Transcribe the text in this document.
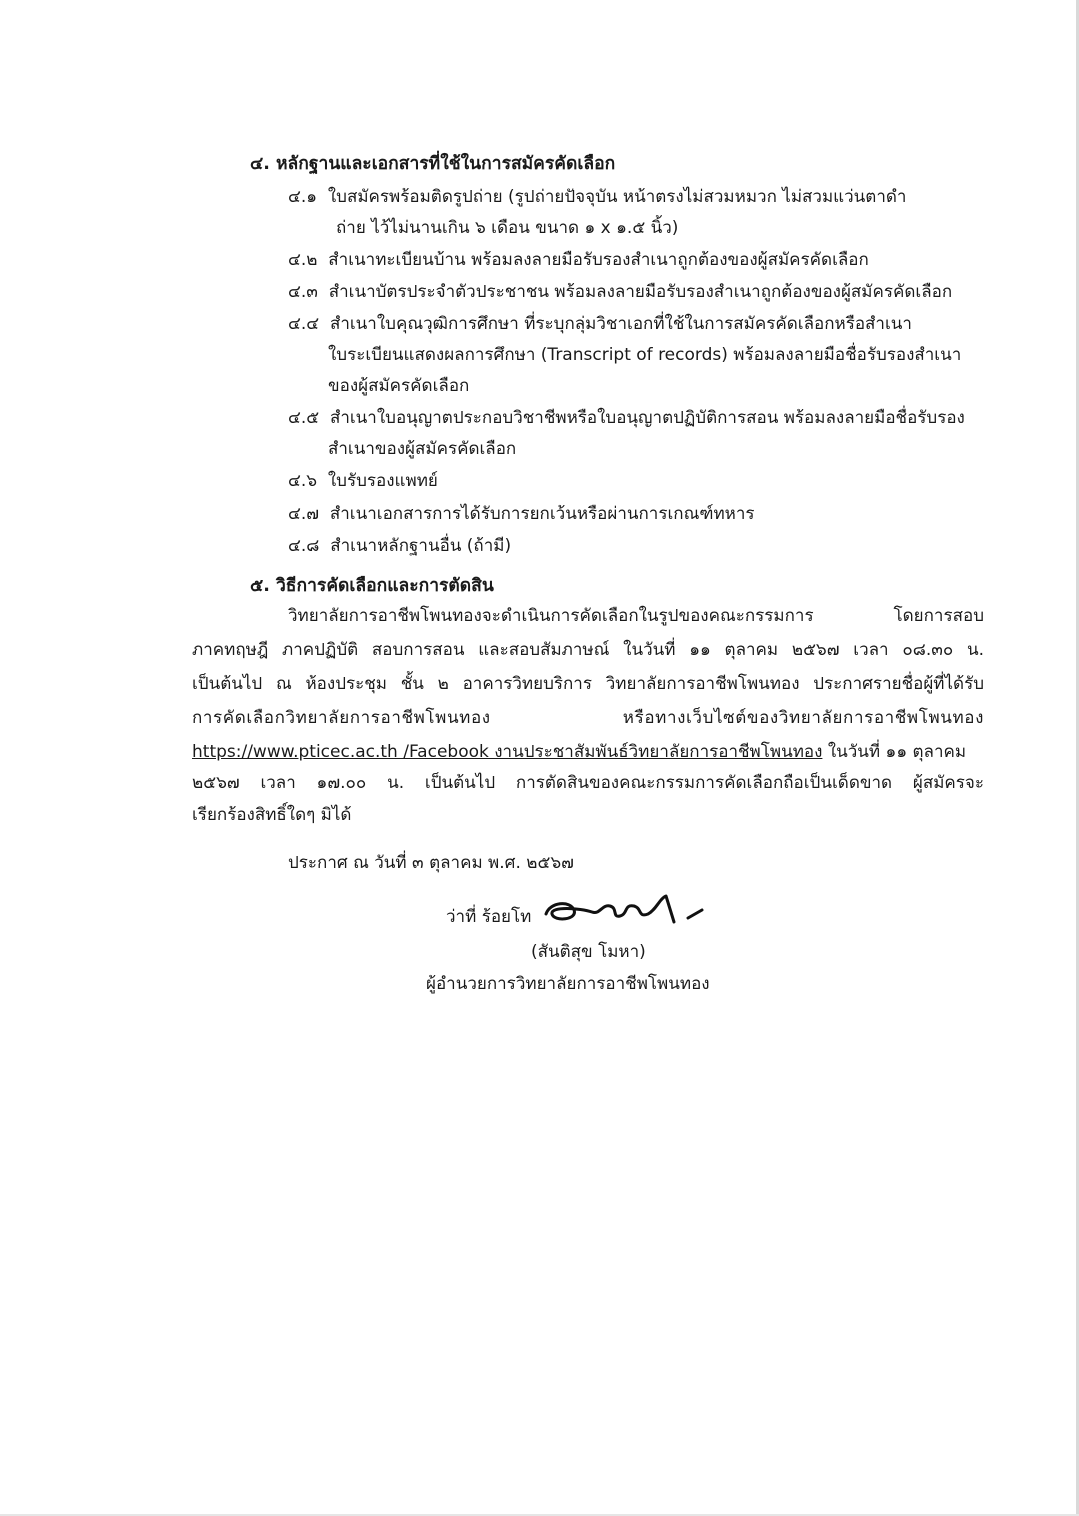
๔. หลักฐานและเอกสารที่ใช้ในการสมัครคัดเลือก
๔.๑ ใบสมัครพร้อมติดรูปถ่าย (รูปถ่ายปัจจุบัน หน้าตรงไม่สวมหมวก ไม่สวมแว่นตาดำ
ถ่าย ไว้ไม่นานเกิน ๖ เดือน ขนาด ๑ x ๑.๕ นิ้ว)
๔.๒ สำเนาทะเบียนบ้าน พร้อมลงลายมือรับรองสำเนาถูกต้องของผู้สมัครคัดเลือก
๔.๓ สำเนาบัตรประจำตัวประชาชน พร้อมลงลายมือรับรองสำเนาถูกต้องของผู้สมัครคัดเลือก
๔.๔ สำเนาใบคุณวุฒิการศึกษา ที่ระบุกลุ่มวิชาเอกที่ใช้ในการสมัครคัดเลือกหรือสำเนา
ใบระเบียนแสดงผลการศึกษา (Transcript of records) พร้อมลงลายมือชื่อรับรองสำเนา
ของผู้สมัครคัดเลือก
๔.๕ สำเนาใบอนุญาตประกอบวิชาชีพหรือใบอนุญาตปฏิบัติการสอน พร้อมลงลายมือชื่อรับรอง
สำเนาของผู้สมัครคัดเลือก
๔.๖ ใบรับรองแพทย์
๔.๗ สำเนาเอกสารการได้รับการยกเว้นหรือผ่านการเกณฑ์ทหาร
๔.๘ สำเนาหลักฐานอื่น (ถ้ามี)
๕. วิธีการคัดเลือกและการตัดสิน
วิทยาลัยการอาชีพโพนทองจะดำเนินการคัดเลือกในรูปของคณะกรรมการ โดยการสอบ
ภาคทฤษฎี ภาคปฏิบัติ สอบการสอน และสอบสัมภาษณ์ ในวันที่ ๑๑ ตุลาคม ๒๕๖๗ เวลา ๐๘.๓๐ น.
เป็นต้นไป ณ ห้องประชุม ชั้น ๒ อาคารวิทยบริการ วิทยาลัยการอาชีพโพนทอง ประกาศรายชื่อผู้ที่ได้รับ
การคัดเลือกวิทยาลัยการอาชีพโพนทอง หรือทางเว็บไซต์ของวิทยาลัยการอาชีพโพนทอง
https://www.pticec.ac.th /Facebook งานประชาสัมพันธ์วิทยาลัยการอาชีพโพนทอง ในวันที่ ๑๑ ตุลาคม
๒๕๖๗ เวลา ๑๗.๐๐ น. เป็นต้นไป การตัดสินของคณะกรรมการคัดเลือกถือเป็นเด็ดขาด ผู้สมัครจะ
เรียกร้องสิทธิ์ใดๆ มิได้
ประกาศ ณ วันที่ ๓ ตุลาคม พ.ศ. ๒๕๖๗
ว่าที่ ร้อยโท
(สันติสุข โมหา)
ผู้อำนวยการวิทยาลัยการอาชีพโพนทอง
